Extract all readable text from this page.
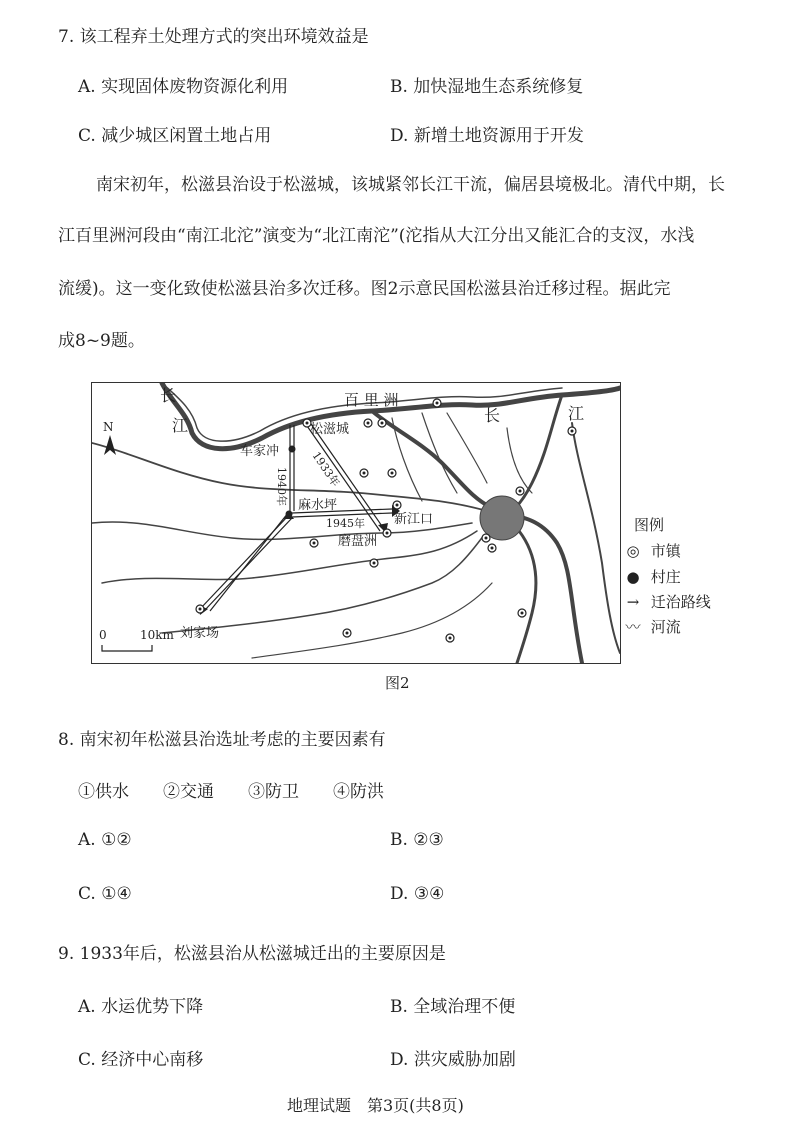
7. 该工程弃土处理方式的突出环境效益是
A. 实现固体废物资源化利用	B. 加快湿地生态系统修复
C. 减少城区闲置土地占用	D. 新增土地资源用于开发
南宋初年，松滋县治设于松滋城，该城紧邻长江干流，偏居县境极北。清代中期，长
江百里洲河段由“南江北沱”演变为“北江南沱”(沱指从大江分出又能汇合的支汊，水浅
流缓)。这一变化致使松滋县治多次迁移。图2示意民国松滋县治迁移过程。据此完
成8~9题。
长
江
百 里 洲
长	江
N	松滋城
车家冲	1933年
1940年 麻水坪
1945年 新江口
磨盘洲
刘家场
0	10km
图例
◎ 市镇
● 村庄
→ 迁治路线
〰 河流
图2
8. 南宋初年松滋县治选址考虑的主要因素有
①供水　　②交通　　③防卫　　④防洪
A. ①②	B. ②③
C. ①④	D. ③④
9. 1933年后，松滋县治从松滋城迁出的主要原因是
A. 水运优势下降	B. 全域治理不便
C. 经济中心南移	D. 洪灾威胁加剧
地理试题　第3页(共8页)
